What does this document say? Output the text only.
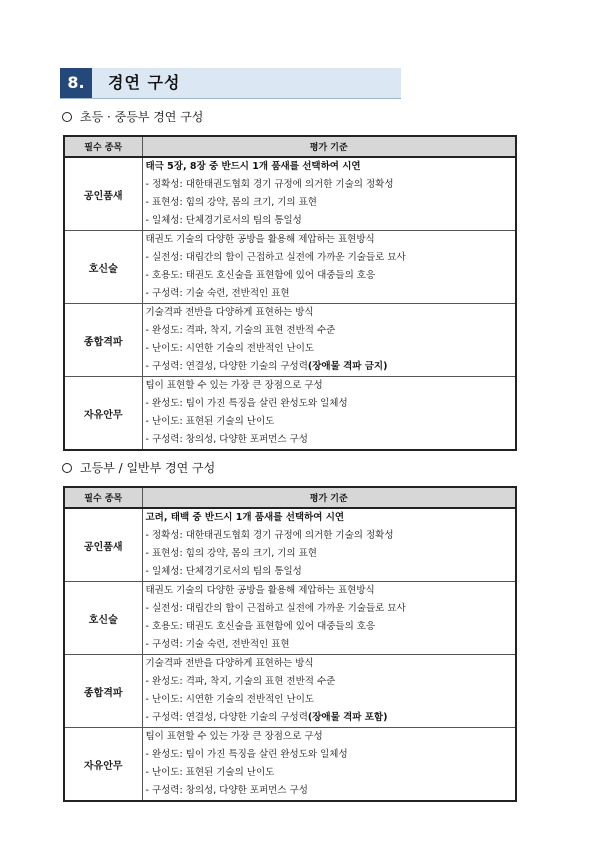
8.	경연 구성
초등 · 중등부 경연 구성
필수 종목	평가 기준
공인품새	태극 5장, 8장 중 반드시 1개 품새를 선택하여 시연
- 정확성: 대한태권도협회 경기 규정에 의거한 기술의 정확성
- 표현성: 힘의 강약, 몸의 크기, 기의 표현
- 일체성: 단체경기로서의 팀의 통일성

호신술	태권도 기술의 다양한 공방을 활용해 제압하는 표현방식
- 실전성: 대립간의 합이 근접하고 실전에 가까운 기술들로 묘사
- 호용도: 태권도 호신술을 표현함에 있어 대중들의 호응
- 구성력: 기술 숙련, 전반적인 표현

종합격파	기술격파 전반을 다양하게 표현하는 방식
- 완성도: 격파, 착지, 기술의 표현 전반적 수준
- 난이도: 시연한 기술의 전반적인 난이도
- 구성력: 연결성, 다양한 기술의 구성력(장애물 격파 금지)

자유안무	팀이 표현할 수 있는 가장 큰 장점으로 구성
- 완성도: 팀이 가진 특징을 살린 완성도와 일체성
- 난이도: 표현된 기술의 난이도
- 구성력: 창의성, 다양한 포퍼먼스 구성
고등부 / 일반부 경연 구성
필수 종목	평가 기준
공인품새	고려, 태백 중 반드시 1개 품새를 선택하여 시연
- 정확성: 대한태권도협회 경기 규정에 의거한 기술의 정확성
- 표현성: 힘의 강약, 몸의 크기, 기의 표현
- 일체성: 단체경기로서의 팀의 통일성

호신술	태권도 기술의 다양한 공방을 활용해 제압하는 표현방식
- 실전성: 대립간의 합이 근접하고 실전에 가까운 기술들로 묘사
- 호용도: 태권도 호신술을 표현함에 있어 대중들의 호응
- 구성력: 기술 숙련, 전반적인 표현

종합격파	기술격파 전반을 다양하게 표현하는 방식
- 완성도: 격파, 착지, 기술의 표현 전반적 수준
- 난이도: 시연한 기술의 전반적인 난이도
- 구성력: 연결성, 다양한 기술의 구성력(장애물 격파 포함)

자유안무	팀이 표현할 수 있는 가장 큰 장점으로 구성
- 완성도: 팀이 가진 특징을 살린 완성도와 일체성
- 난이도: 표현된 기술의 난이도
- 구성력: 창의성, 다양한 포퍼먼스 구성
